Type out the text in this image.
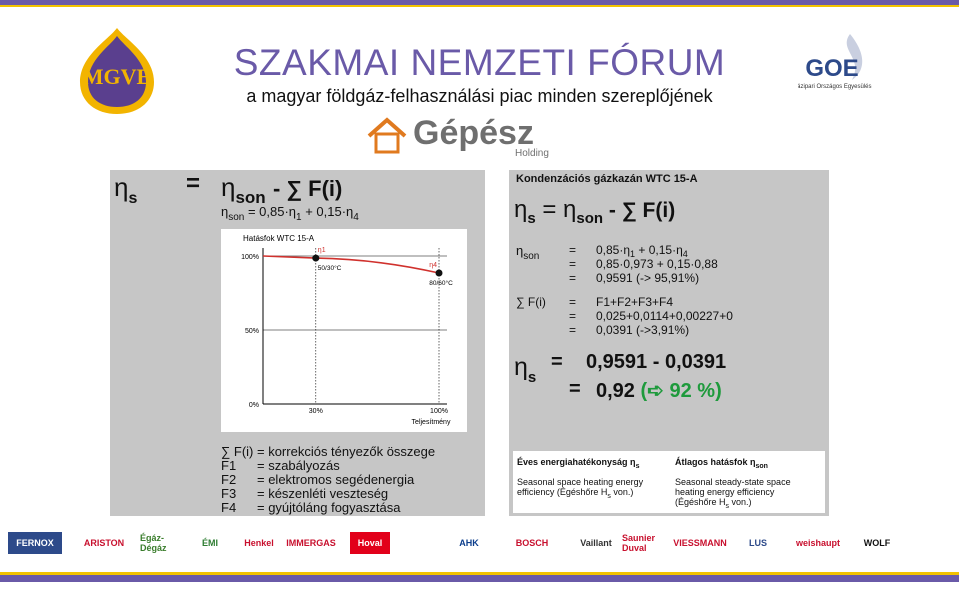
MGVE	SZAKMAI NEMZETI FÓRUM
a magyar földgáz-felhasználási piac minden szereplőjének
GOE
Gázipari Országos Egyesülés
Gépész
Holding
$\eta_s$
= $\eta_{son}$ - ∑ F(i)
$\eta_{son} = 0,85\cdot\eta_1 + 0,15\cdot\eta_4$
Hatásfok WTC 15-A
Teljesítmény
100%
50%
0%
30%	100%
η1
50/30°C	η4
80/60°C
∑ F(i) = korrekciós tényezők összege
F1 = szabályozás
F2 = elektromos segédenergia
F3 = készenléti veszteség
F4 = gyújtóláng fogyasztása
Kondenzációs gázkazán WTC 15-A
$\eta_s = \eta_{son}$ - ∑ F(i)
$\eta_{son} = 0,85\cdot\eta_1 + 0,15\cdot\eta_4$
= 0,85·0,973 + 0,15·0,88
= 0,9591 (-> 95,91%)
∑ F(i) = F1+F2+F3+F4
= 0,025+0,0114+0,00227+0
= 0,0391 (->3,91%)
$\eta_s$
= 0,9591 - 0,0391
= 0,92 (➪ 92 %)
Éves energiahatékonyság $\eta_s$
Seasonal space heating energy
efficiency (Égéshőre $H_s$ von.)
Átlagos hatásfok $\eta_{son}$
Seasonal steady-state space
heating energy efficiency
(Égéshőre $H_s$ von.)
FERNOX	ARISTON	Égáz-Dégáz	ÉMI	Henkel	IMMERGAS	Hoval	AHK	BOSCH	Vaillant Saunier Duval	VIESSMANN	LUS	weishaupt	WOLF
